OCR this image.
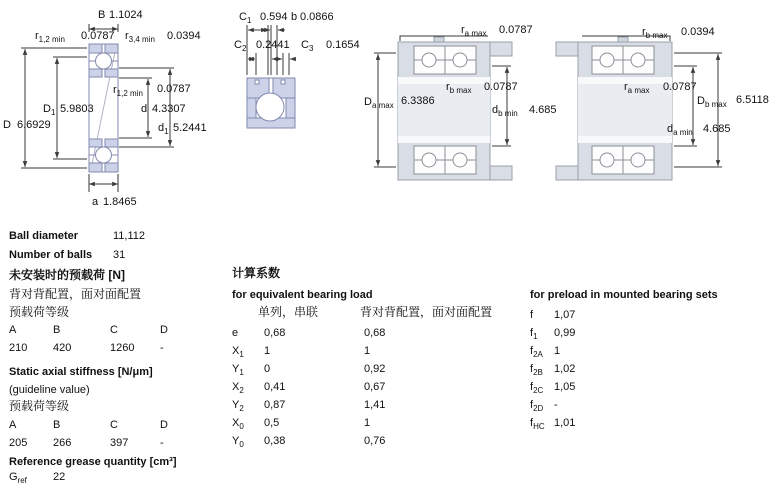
B 1.1024
$r_{1,2 min}$ 0.0787 $r_{3,4 min}$ 0.0394
$r_{1,2 min}$ 0.0787
$D_1$ 5.9803
D 6.6929
d 4.3307
$d_1$ 5.2441
a 1.8465
$C_1$ 0.594 b 0.0866
$C_2$ 0.2441 $C_3$ 0.1654
$r_{a max}$ 0.0787
$r_{b max}$ 0.0787
$D_{a max}$ 6.3386
$d_{b min}$ 4.685
$r_{b max}$ 0.0394
$r_{a max}$ 0.0787
$D_{b max}$ 6.5118
$d_{a min}$ 4.685
Ball diameter	11,112
Number of balls 31
未安装时的预载荷 [N]
背对背配置，面对面配置
预载荷等级
A	B	C	D
210 420	1260 -
Static axial stiffness [N/μm]
(guideline value)
预载荷等级
A	B	C	D
205 266	397	-
Reference grease quantity [cm³]
$G_{ref}$ 22
计算系数
for equivalent bearing load
单列，串联	背对背配置，面对面配置
e 0,68	0,68
$X_1$ 1	1
$Y_1$ 0	0,92
$X_2$ 0,41	0,67
$Y_2$ 0,87	1,41
$X_0$ 0,5	1
$Y_0$ 0,38	0,76
for preload in mounted bearing sets
f 1,07
$f_1$ 0,99
$f_{2A}$ 1
$f_{2B}$ 1,02
$f_{2C}$ 1,05
$f_{2D}$ -
$f_{HC}$ 1,01
